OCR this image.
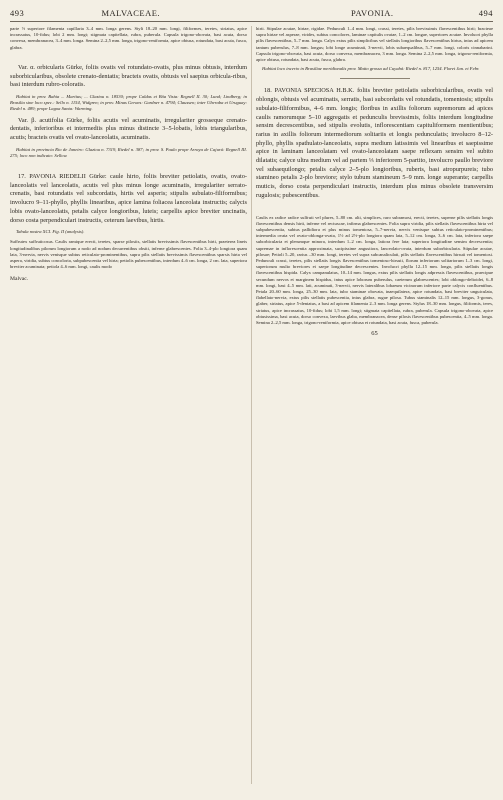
493	MALVACEAE.	PAVONIA.	494

parte ½ superiore filamenta capillaria 3–4 mm. longa gerens. Styli 18–20 mm. longi, filiformes, teretes, striatus, apice incrassatus, 10-fidus; lobi 2 mm. longi; stigmata capitellata, rubra, puberula. Capsula trigono-obovata, basi acuta, dorso convexa, membranacea, 3–4 mm. longa. Semina 2–2,5 mm. longa, trigono-reniformia, apice obtusa, rotundata, basi acuta, fusca, glabra.

Var. α. orbicularis Gürke, foliis ovatis vel rotundato-ovatis, plus minus obtusis, interdum suborbicularibus, obsolete crenato-dentatis; bracteis ovatis, obtusis vel saepius orbicula-ribus, basi interdum rubro-coloratis.

Habitat in prov. Bahia ... Martius; ... Glaziou n. 18530; prope Caldas et Bôa Vista: Regnell II. 30; Lund; Lindberg; in Brasilia sine loco spec.: Sello n. 1154, Widgren; in prov. Minas Geraes: Gardner n. 4794; Claussen; inter Uberaba et Uruguay: Riedel n. 489; prope Lagoa Santa: Warming.

Var. β. acutifolia Gürke, foliis acutis vel acuminatis, irregulariter grosseque crenato-dentatis, inferioribus et intermediis plus minus distincte 3–5-lobatis, lobis triangularibus, acutis; bracteis ovatis vel ovato-lanceolatis, acuminatis.

Habitat in provincia Rio de Janeiro: Glaziou n. 7319, Riedel n. 387; in prov. S. Paulo prope Arraya de Cajurú: Regnell III. 275; loco non indicato: Sellow.

17. PAVONIA RIEDELII Gürke: caule hirto, foliis breviter petiolatis, ovatis, ovato-lanceolatis vel lanceolatis, acutis vel plus minus longe acuminatis, irregulariter serrato-crenatis, basi rotundatis vel subcordatis, hirtis vel asperis; stipulis subulato-filiformibus; involucro 9–11-phyllo, phyllis linearibus, apice lamina foliacea lanceolata instructis; calycis lobis ovato-lanceolatis, petalis calyce longioribus, luteis; carpellis apice breviter uncinatis, dorso costa perpendiculari instructis, ceterum laevibus, hirtis.

Tabula nostra XCI. Fig. II (analysis).

Suffrutex suffruticosus. Caulis ramique erecti, teretes, sparse pilosiis, stellatis brevissimis flavescentibus hirti, praeterea lineis longitudinalibus pilorum longiorum a nodo ad nodum decurrentibus obsiti, inferne glabrescentes. Folia 3–4-plo longiora quam lata, 3-nervia, nervis venisque subtus reticulato-prominentibus, supra pilis stellatis brevissimis flavescentibus sparsis hirta vel aspera, viridia, subtus concoloria, subpubescentia vel hirta; petiolis pubescentibus, interdum 4–6 cm. longa, 2 cm. lata, superiora breviter acuminata; petiola 4–6 mm. longi, caulis modo

Malvac.

hirti. Stipulae acutae, hirtae, rigidae. Pedunculi 1–4 mm. longi, crassi, teretes, pilis brevissimis flavescentibus hirti; bracteae supra hirtae vel asperae, virides, subtus concolores, laminae capitulis ovatae, 1–2 cm. longae, superiores acutae. Involucri phylla pilis flavescentibus, 5–7 mm. longa. Calyx extus pilis simplicibus vel stellatis longioribus flavescentibus hirtus, intus ad apicem tantum puberulus, 7–8 mm. longus; lobi longe acuminati, 3-nervii, lobis subaequalibus, 5–7 mm. longi, coloris cinnabarini. Capsula trigono-obovata, basi acuta, dorso convexa, membranacea, 3 mm. longa. Semina 2–2,5 mm. longa, trigono-reniformia, apice obtusa, rotundata, basi acuta, fusca, glabra.

Habitat loco incerto in Brasiliae meridionalis prov. Matto grosso ad Cuyabá: Riedel n. 817, 1254. Floret Jan. et Febr.

18. PAVONIA SPECIOSA H.B.K. foliis breviter petiolatis suborbicularibus, ovatis vel oblongis, obtusis vel acuminatis, serratis, basi subcordatis vel rotundatis, tomentosis; stipulis subulato-filiformibus, 4–6 mm. longis; floribus in axillis foliorum supremorum ad apices caulis ramorumque 5–10 aggregatis et pedunculis brevissimis, foliis interdum longitudine sensim decrescentibus, sed stipulis evolutis, inflorescentiam capituliformem mentientibus; rarius in axillis foliorum intermediorum solitariis et longis pedunculatis; involucro 8–12-phyllo, phyllis spathulato-lanceolatis, supra medium latissimis vel linearibus et saepissime apice in laminam lanceolatam vel ovato-lanceolatam saepe reflexam sensim vel subito dilatatis; calyce ultra medium vel ad partem ⅓ inferiorem 5-partito, involucro paullo breviore vel subaequilongo; petalis calyce 2–5-plo longioribus, ruberis, basi atropurpureis; tubo stamineo petalis 2-plo breviore; stylo tubum stamineum 5–9 mm. longe superante; carpellis muticis, dorso costa perpendiculari instructis, interdum plus minus obsolete transversim rugulosis; pubescentibus.

Caulis ex radice radice sulfruti vel plures, 5–80 cm. alti, simplices, raro subramosi, erecti, teretes, superne pilis stellatis longis flavescentibus densis hirti, inferne vel rectuscae, infirma glabrescentes. Folia supra viridia, pilis stellatis flavescentibus hirta vel subpubescentia, subtus pallidiora et plus minus tomentosa, 5–7-nervia, nervis venisque subtus reticulato-prominentibus; intermedia ovata vel ovato-oblonga-ovata, 1½ ad 2½-plo longiora quam lata, 5–12 cm. longa, 3–6 cm. lata, inferiora saepe suborbicularia et plerumque minora, interdum 1–2 cm. longa, latiora fere lata; superiora longitudine sensim decrescentia; supremae in inflorescentia approximata, sucipissime angustiora, lanceolato-ovata, interdum suborbicularia. Stipulae acutae, pilosae; Petioli 5–20, rarius –30 mm. longi, teretes vel supra subcanaliculati, pilis stellatis flavescentibus hirsuti vel tomentosi. Pedunculi crassi, teretes, pilis stellatis longis flavescentibus tomentoso-hirsuti, florum inferiorum solitariorum 1–3 cm. longi, superiorum multo breviores et saepe longitudine decrescentes. Involucri phylla 12–15 mm. longa, pilis stellatis longis flavescentibus hispida. Calyx campanulatus, 10–14 mm. longus, extus pilis stellatis longis adpressis flavescentibus, praecipue secundum nervos et marginem hispidus, intus apice loborum puberulus, caeterum glabrescentes; lobi oblongo-deltoidei, 6–8 mm. longi, basi 4–5 mm. lati, acuminati, 3-nervii, nervis lateralibus lobaeum vicinorum inferiore parte calycis confluentibus. Petala 20–60 mm. longa, 25–30 mm. lata, tubo staminae obovata, inaequilatera, apice rotundata, basi breviter unguiculata, flabellato-nervia, extus pilis stellatis pubescentia, intus glabra, rugae pilosa. Tubus staminalis 12–15 mm. longus, 3-gonus, glaber, striatus, apice 5-dentatus, a basi ad apicem filamenta 2–3 mm. longa gerens. Stylus 18–30 mm. longus, filiformis, teres, striatus, apice incrassatus, 10-fidus; lobi 1,5 mm. longi; stigmata capitellata, rubra, puberula. Capsula trigono-obovata, apice obtusissima, basi acuta, dorso convexa, laevibus glaba, membranacea, dense pilosis flavescentibus pubescentia, 4–5 mm. longa. Semina 2–2,5 mm. longa, trigono-reniformia, apice obtusa et rotundata, basi acuta, fusca, puberula.

65
